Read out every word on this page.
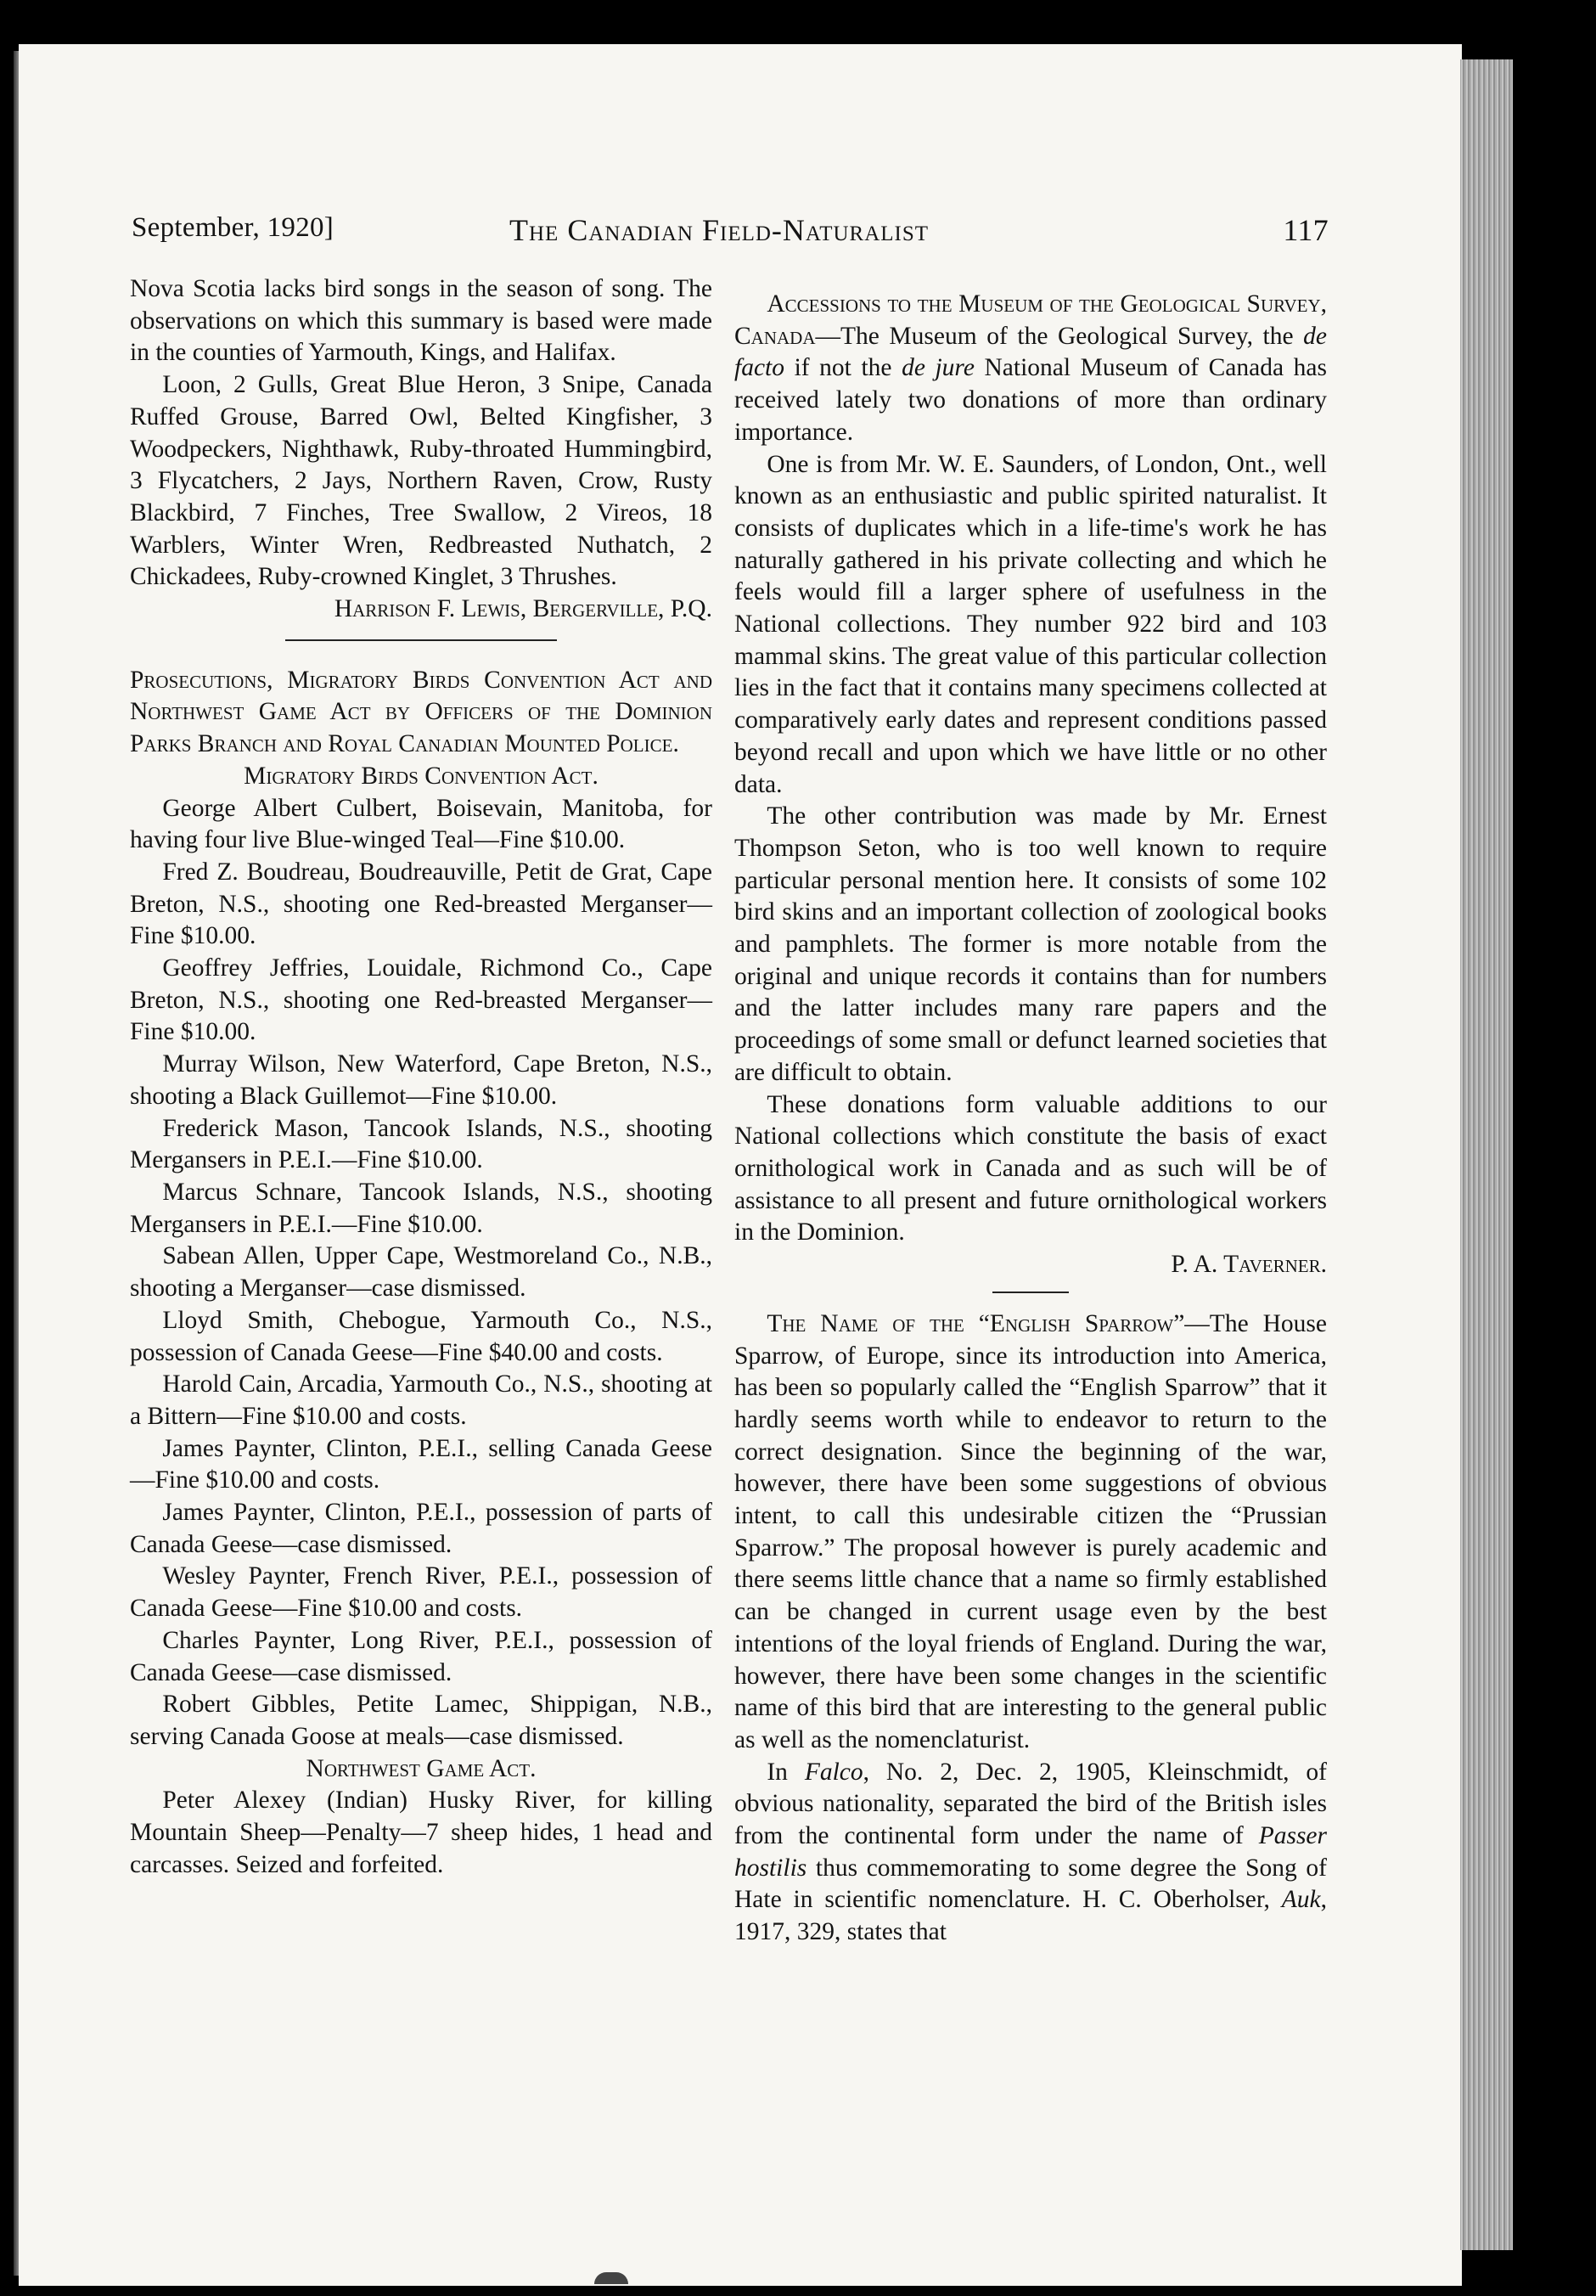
September, 1920]	The Canadian Field-Naturalist	117

Nova Scotia lacks bird songs in the season of song. The observations on which this summary is based were made in the counties of Yarmouth, Kings, and Halifax.

Loon, 2 Gulls, Great Blue Heron, 3 Snipe, Canada Ruffed Grouse, Barred Owl, Belted Kingfisher, 3 Woodpeckers, Nighthawk, Ruby-throated Hummingbird, 3 Flycatchers, 2 Jays, Northern Raven, Crow, Rusty Blackbird, 7 Finches, Tree Swallow, 2 Vireos, 18 Warblers, Winter Wren, Redbreasted Nuthatch, 2 Chickadees, Ruby-crowned Kinglet, 3 Thrushes.

Harrison F. Lewis, Bergerville, P.Q.

Prosecutions, Migratory Birds Convention Act and Northwest Game Act by Officers of the Dominion Parks Branch and Royal Canadian Mounted Police.

Migratory Birds Convention Act.

George Albert Culbert, Boisevain, Manitoba, for having four live Blue-winged Teal—Fine $10.00.

Fred Z. Boudreau, Boudreauville, Petit de Grat, Cape Breton, N.S., shooting one Red-breasted Merganser—Fine $10.00.

Geoffrey Jeffries, Louidale, Richmond Co., Cape Breton, N.S., shooting one Red-breasted Merganser—Fine $10.00.

Murray Wilson, New Waterford, Cape Breton, N.S., shooting a Black Guillemot—Fine $10.00.

Frederick Mason, Tancook Islands, N.S., shooting Mergansers in P.E.I.—Fine $10.00.

Marcus Schnare, Tancook Islands, N.S., shooting Mergansers in P.E.I.—Fine $10.00.

Sabean Allen, Upper Cape, Westmoreland Co., N.B., shooting a Merganser—case dismissed.

Lloyd Smith, Chebogue, Yarmouth Co., N.S., possession of Canada Geese—Fine $40.00 and costs.

Harold Cain, Arcadia, Yarmouth Co., N.S., shooting at a Bittern—Fine $10.00 and costs.

James Paynter, Clinton, P.E.I., selling Canada Geese—Fine $10.00 and costs.

James Paynter, Clinton, P.E.I., possession of parts of Canada Geese—case dismissed.

Wesley Paynter, French River, P.E.I., possession of Canada Geese—Fine $10.00 and costs.

Charles Paynter, Long River, P.E.I., possession of Canada Geese—case dismissed.

Robert Gibbles, Petite Lamec, Shippigan, N.B., serving Canada Goose at meals—case dismissed.

Northwest Game Act.

Peter Alexey (Indian) Husky River, for killing Mountain Sheep—Penalty—7 sheep hides, 1 head and carcasses. Seized and forfeited.

Accessions to the Museum of the Geological Survey, Canada—The Museum of the Geological Survey, the de facto if not the de jure National Museum of Canada has received lately two donations of more than ordinary importance.

One is from Mr. W. E. Saunders, of London, Ont., well known as an enthusiastic and public spirited naturalist. It consists of duplicates which in a life-time's work he has naturally gathered in his private collecting and which he feels would fill a larger sphere of usefulness in the National collections. They number 922 bird and 103 mammal skins. The great value of this particular collection lies in the fact that it contains many specimens collected at comparatively early dates and represent conditions passed beyond recall and upon which we have little or no other data.

The other contribution was made by Mr. Ernest Thompson Seton, who is too well known to require particular personal mention here. It consists of some 102 bird skins and an important collection of zoological books and pamphlets. The former is more notable from the original and unique records it contains than for numbers and the latter includes many rare papers and the proceedings of some small or defunct learned societies that are difficult to obtain.

These donations form valuable additions to our National collections which constitute the basis of exact ornithological work in Canada and as such will be of assistance to all present and future ornithological workers in the Dominion.

P. A. Taverner.

The Name of the “English Sparrow”—The House Sparrow, of Europe, since its introduction into America, has been so popularly called the “English Sparrow” that it hardly seems worth while to endeavor to return to the correct designation. Since the beginning of the war, however, there have been some suggestions of obvious intent, to call this undesirable citizen the “Prussian Sparrow.” The proposal however is purely academic and there seems little chance that a name so firmly established can be changed in current usage even by the best intentions of the loyal friends of England. During the war, however, there have been some changes in the scientific name of this bird that are interesting to the general public as well as the nomenclaturist.

In Falco, No. 2, Dec. 2, 1905, Kleinschmidt, of obvious nationality, separated the bird of the British isles from the continental form under the name of Passer hostilis thus commemorating to some degree the Song of Hate in scientific nomenclature. H. C. Oberholser, Auk, 1917, 329, states that
